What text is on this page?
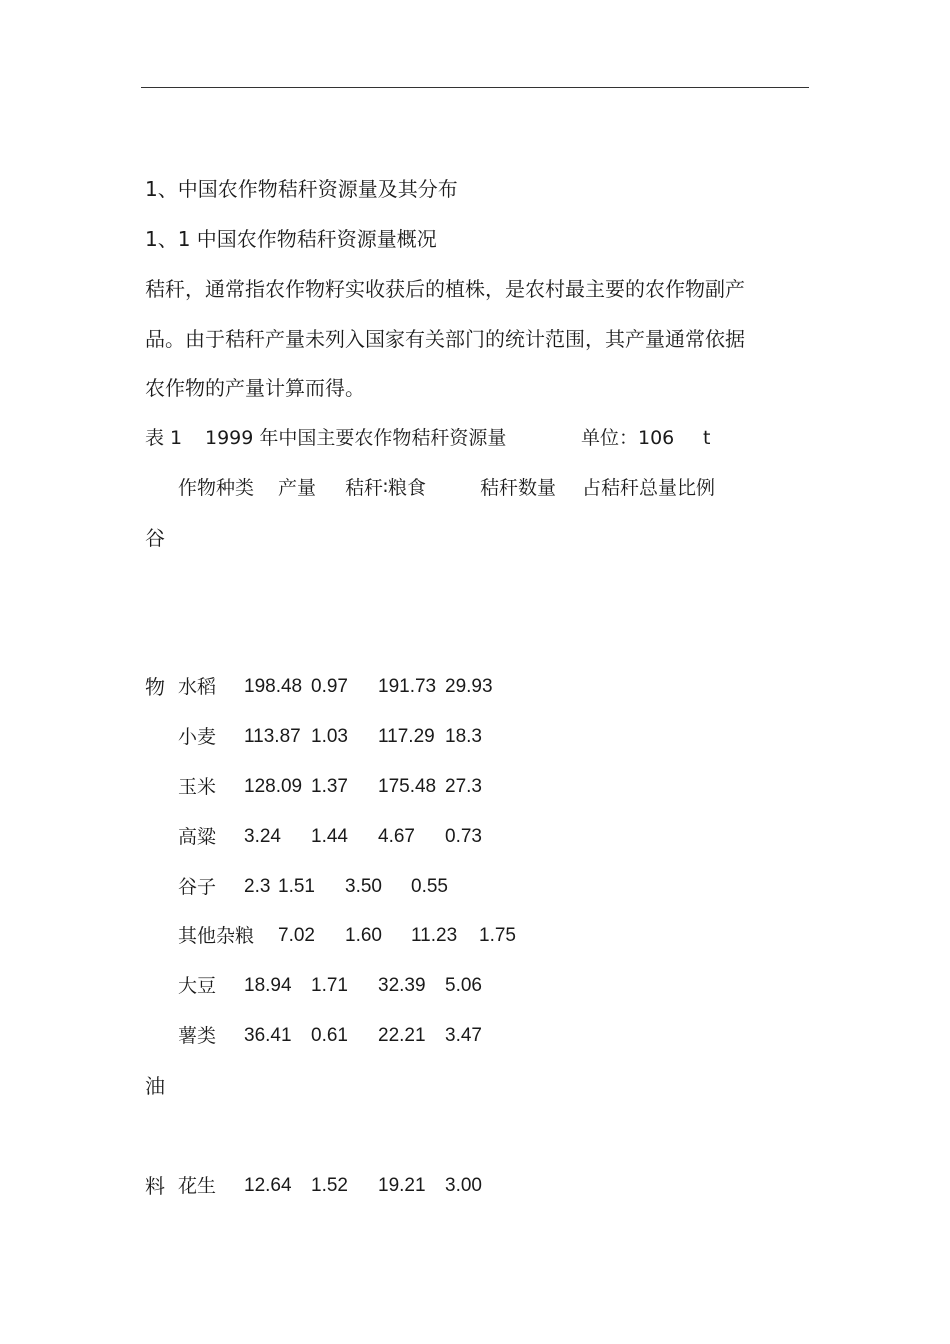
1、中国农作物秸秆资源量及其分布
1、1 中国农作物秸秆资源量概况
秸秆，通常指农作物籽实收获后的植株，是农村最主要的农作物副产
品。由于秸秆产量未列入国家有关部门的统计范围，其产量通常依据
农作物的产量计算而得。
表 1 1999 年中国主要农作物秸秆资源量	单位：106 t
作物种类 产量 秸秆∶粮食	秸秆数量 占秸秆总量比例
谷
物
油
料
水稻 198.48 0.97 191.73 29.93
小麦 113.87 1.03 117.29 18.3
玉米 128.09 1.37 175.48 27.3
高粱 3.24 1.44 4.67 0.73
谷子 2.3 1.51 3.50 0.55
其他杂粮 7.02 1.60 11.23 1.75
大豆 18.94 1.71 32.39 5.06
薯类 36.41 0.61 22.21 3.47
花生 12.64 1.52 19.21 3.00
